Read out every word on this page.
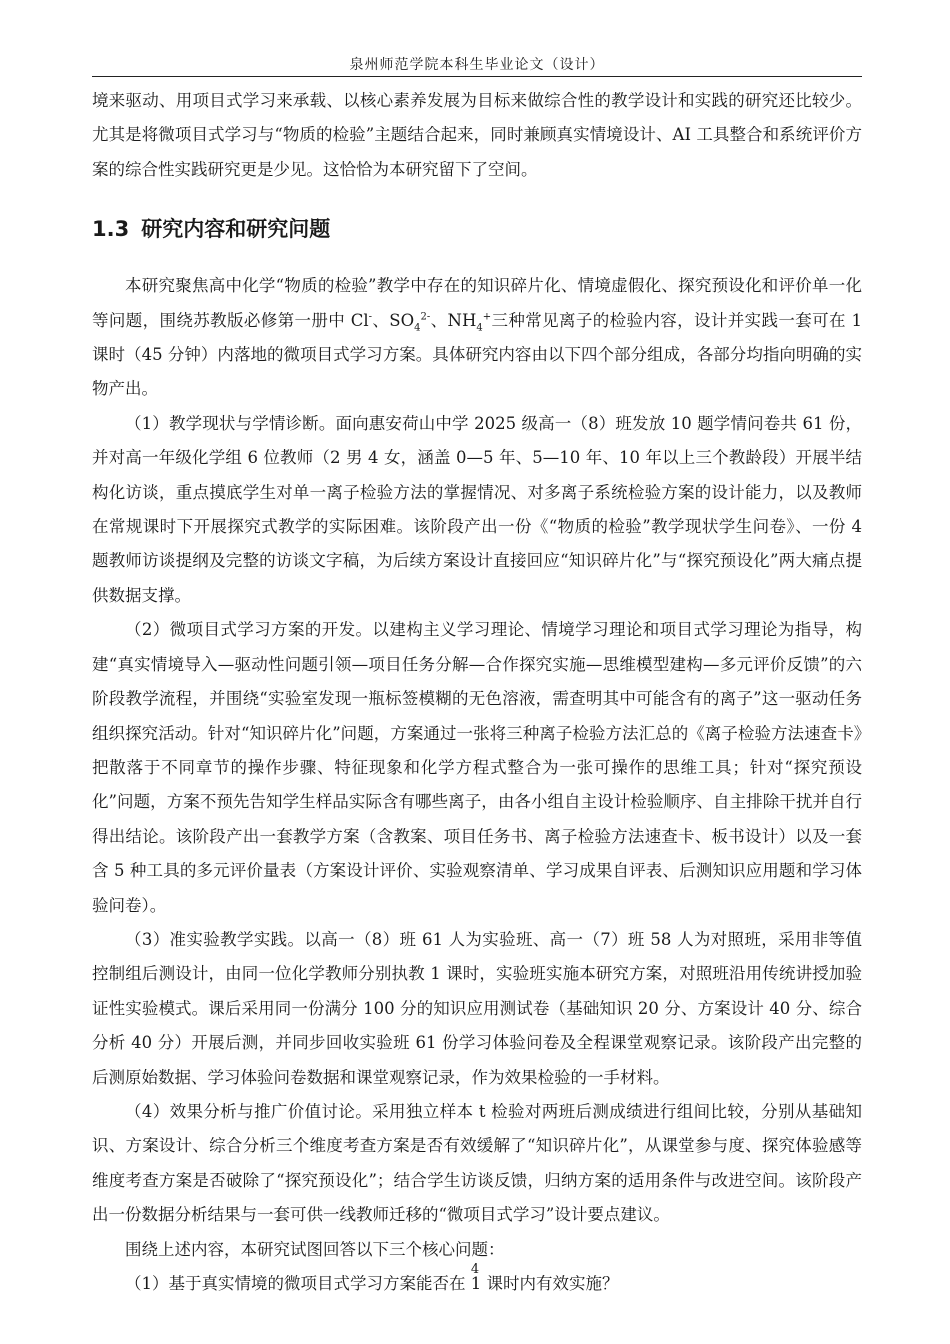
泉州师范学院本科生毕业论文（设计）

境来驱动、用项目式学习来承载、以核心素养发展为目标来做综合性的教学设计和实践的研究还比较少。尤其是将微项目式学习与“物质的检验”主题结合起来，同时兼顾真实情境设计、AI 工具整合和系统评价方案的综合性实践研究更是少见。这恰恰为本研究留下了空间。

1.3 研究内容和研究问题

本研究聚焦高中化学“物质的检验”教学中存在的知识碎片化、情境虚假化、探究预设化和评价单一化等问题，围绕苏教版必修第一册中 Cl-、$SO_4^{2-}$、$NH_4^+$三种常见离子的检验内容，设计并实践一套可在 1 课时（45 分钟）内落地的微项目式学习方案。具体研究内容由以下四个部分组成，各部分均指向明确的实物产出。

（1）教学现状与学情诊断。面向惠安荷山中学 2025 级高一（8）班发放 10 题学情问卷共 61 份，并对高一年级化学组 6 位教师（2 男 4 女，涵盖 0—5 年、5—10 年、10 年以上三个教龄段）开展半结构化访谈，重点摸底学生对单一离子检验方法的掌握情况、对多离子系统检验方案的设计能力，以及教师在常规课时下开展探究式教学的实际困难。该阶段产出一份《“物质的检验”教学现状学生问卷》、一份 4 题教师访谈提纲及完整的访谈文字稿，为后续方案设计直接回应“知识碎片化”与“探究预设化”两大痛点提供数据支撑。

（2）微项目式学习方案的开发。以建构主义学习理论、情境学习理论和项目式学习理论为指导，构建“真实情境导入—驱动性问题引领—项目任务分解—合作探究实施—思维模型建构—多元评价反馈”的六阶段教学流程，并围绕“实验室发现一瓶标签模糊的无色溶液，需查明其中可能含有的离子”这一驱动任务组织探究活动。针对“知识碎片化”问题，方案通过一张将三种离子检验方法汇总的《离子检验方法速查卡》把散落于不同章节的操作步骤、特征现象和化学方程式整合为一张可操作的思维工具；针对“探究预设化”问题，方案不预先告知学生样品实际含有哪些离子，由各小组自主设计检验顺序、自主排除干扰并自行得出结论。该阶段产出一套教学方案（含教案、项目任务书、离子检验方法速查卡、板书设计）以及一套含 5 种工具的多元评价量表（方案设计评价、实验观察清单、学习成果自评表、后测知识应用题和学习体验问卷）。

（3）准实验教学实践。以高一（8）班 61 人为实验班、高一（7）班 58 人为对照班，采用非等值控制组后测设计，由同一位化学教师分别执教 1 课时，实验班实施本研究方案，对照班沿用传统讲授加验证性实验模式。课后采用同一份满分 100 分的知识应用测试卷（基础知识 20 分、方案设计 40 分、综合分析 40 分）开展后测，并同步回收实验班 61 份学习体验问卷及全程课堂观察记录。该阶段产出完整的后测原始数据、学习体验问卷数据和课堂观察记录，作为效果检验的一手材料。

（4）效果分析与推广价值讨论。采用独立样本 t 检验对两班后测成绩进行组间比较，分别从基础知识、方案设计、综合分析三个维度考查方案是否有效缓解了“知识碎片化”，从课堂参与度、探究体验感等维度考查方案是否破除了“探究预设化”；结合学生访谈反馈，归纳方案的适用条件与改进空间。该阶段产出一份数据分析结果与一套可供一线教师迁移的“微项目式学习”设计要点建议。

围绕上述内容，本研究试图回答以下三个核心问题：

（1）基于真实情境的微项目式学习方案能否在 1 课时内有效实施？

4
